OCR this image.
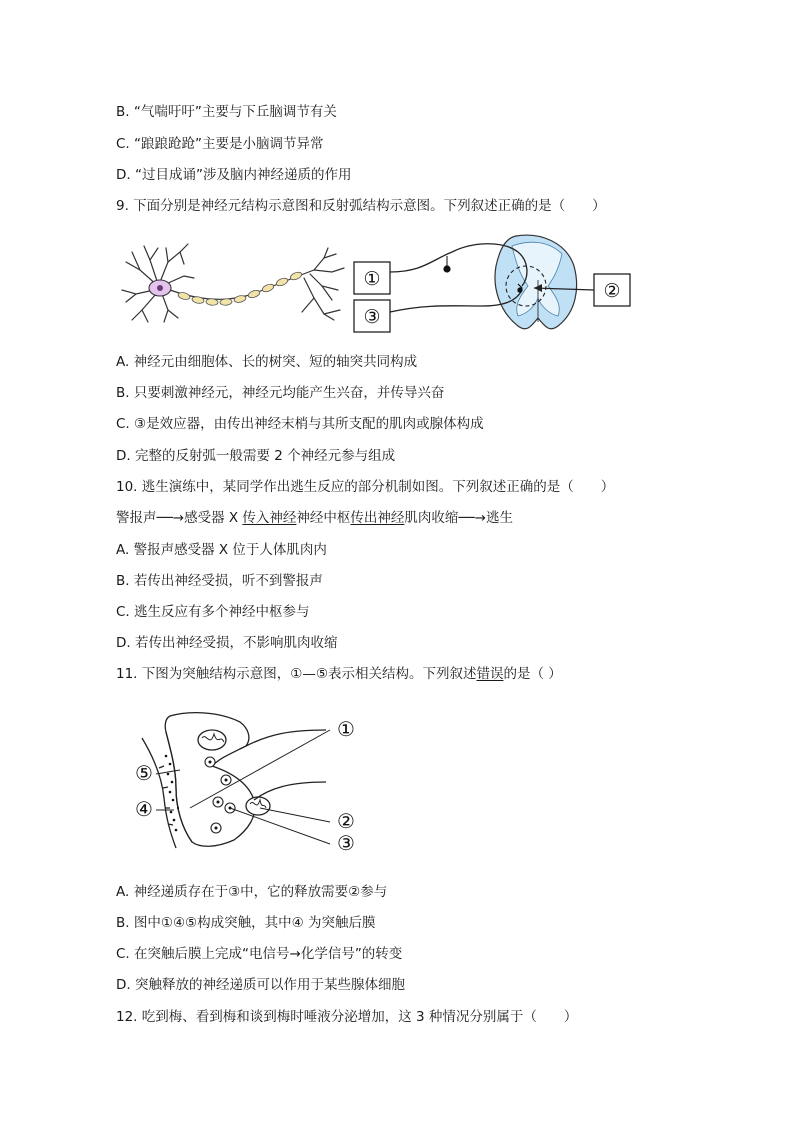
B. “气喘吁吁”主要与下丘脑调节有关
C. “踉踉跄跄”主要是小脑调节异常
D. “过目成诵”涉及脑内神经递质的作用
9. 下面分别是神经元结构示意图和反射弧结构示意图。下列叙述正确的是（　　）
①
③
②
A. 神经元由细胞体、长的树突、短的轴突共同构成
B. 只要刺激神经元，神经元均能产生兴奋，并传导兴奋
C. ③是效应器，由传出神经末梢与其所支配的肌肉或腺体构成
D. 完整的反射弧一般需要 2 个神经元参与组成
10. 逃生演练中，某同学作出逃生反应的部分机制如图。下列叙述正确的是（　　）
警报声──→感受器 X 传入神经神经中枢传出神经肌肉收缩──→逃生
A. 警报声感受器 X 位于人体肌肉内
B. 若传出神经受损，听不到警报声
C. 逃生反应有多个神经中枢参与
D. 若传出神经受损，不影响肌肉收缩
11. 下图为突触结构示意图，①—⑤表示相关结构。下列叙述错误的是（ ）
①
②
③
⑤
④
A. 神经递质存在于③中，它的释放需要②参与
B. 图中①④⑤构成突触，其中④ 为突触后膜
C. 在突触后膜上完成“电信号→化学信号”的转变
D. 突触释放的神经递质可以作用于某些腺体细胞
12. 吃到梅、看到梅和谈到梅时唾液分泌增加，这 3 种情况分别属于（　　）
